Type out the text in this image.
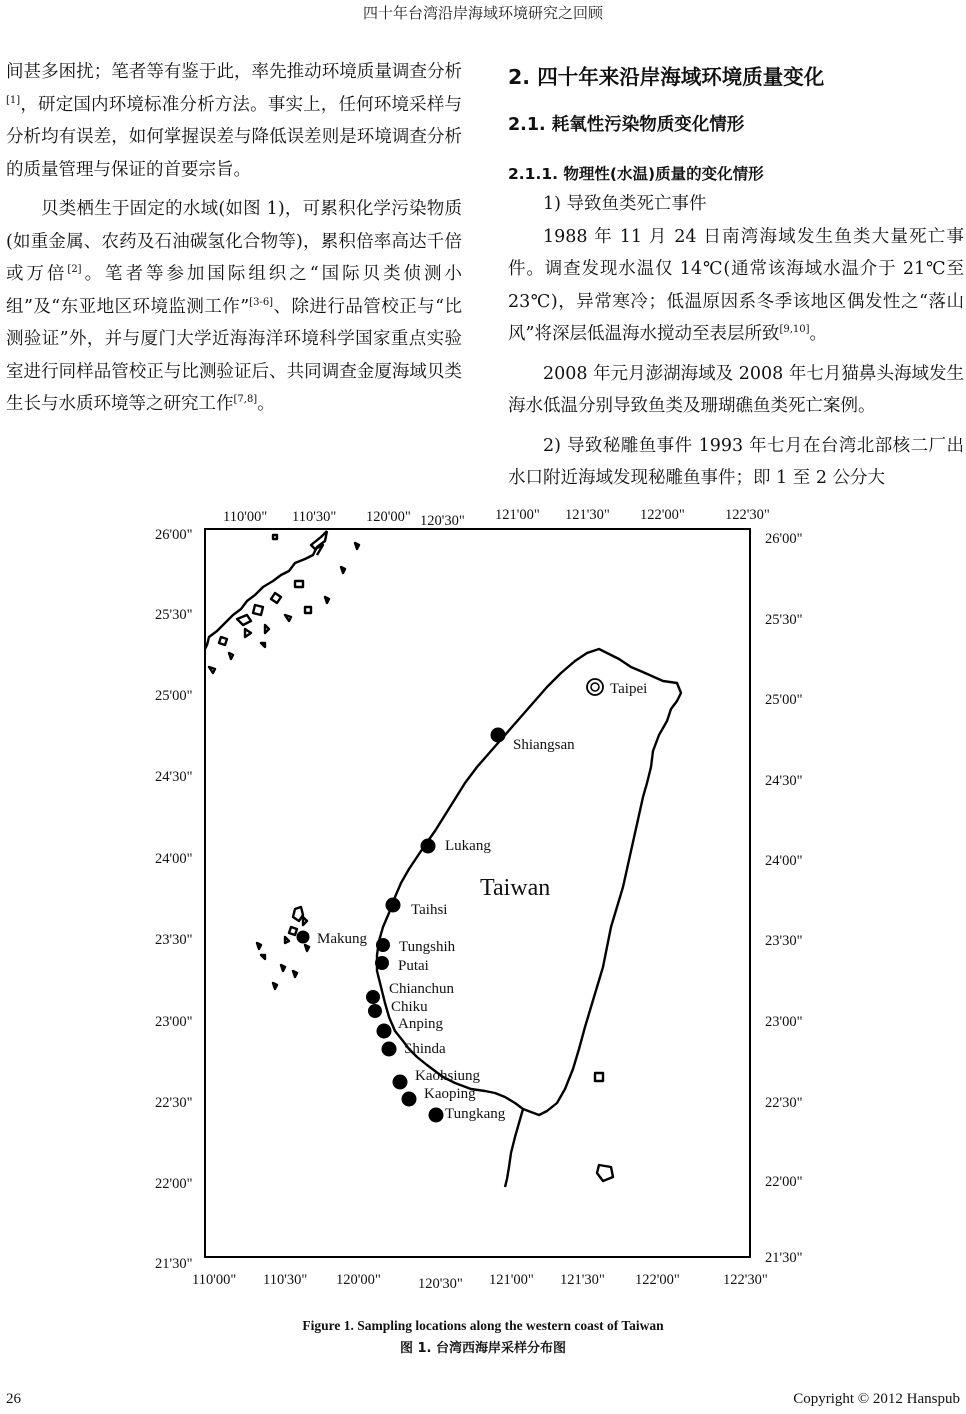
四十年台湾沿岸海域环境研究之回顾

间甚多困扰；笔者等有鉴于此，率先推动环境质量调查分析[1]，研定国内环境标准分析方法。事实上，任何环境采样与分析均有误差，如何掌握误差与降低误差则是环境调查分析的质量管理与保证的首要宗旨。

贝类栖生于固定的水域(如图 1)，可累积化学污染物质(如重金属、农药及石油碳氢化合物等)，累积倍率高达千倍或万倍[2]。笔者等参加国际组织之“国际贝类侦测小组”及“东亚地区环境监测工作”[3-6]、除进行品管校正与“比测验证”外，并与厦门大学近海海洋环境科学国家重点实验室进行同样品管校正与比测验证后、共同调查金厦海域贝类生长与水质环境等之研究工作[7,8]。

2. 四十年来沿岸海域环境质量变化
2.1. 耗氧性污染物质变化情形
2.1.1. 物理性(水温)质量的变化情形

1) 导致鱼类死亡事件

1988 年 11 月 24 日南湾海域发生鱼类大量死亡事件。调查发现水温仅 14℃(通常该海域水温介于 21℃至 23℃)，异常寒冷；低温原因系冬季该地区偶发性之“落山风”将深层低温海水搅动至表层所致[9,10]。

2008 年元月澎湖海域及 2008 年七月猫鼻头海域发生海水低温分别导致鱼类及珊瑚礁鱼类死亡案例。

2) 导致秘雕鱼事件 1993 年七月在台湾北部核二厂出水口附近海域发现秘雕鱼事件；即 1 至 2 公分大

110'00" 110'30" 120'00" 120'30" 121'00" 121'30" 122'00"	122'30"
110'00" 110'30" 120'00"	120'30" 121'00" 121'30" 122'00"	122'30"
26'00"
25'30"
25'00"
24'30"
24'00"
23'30"
23'00"
22'30"
22'00"
21'30"
26'00"
25'30"
25'00"
24'30"
24'00"
23'30"
23'00"
22'30"
22'00"
21'30"
Taipei
Taiwan
Shiangsan
Lukang
Taihsi
Makung Tungshih
Putai
Chianchun
Chiku
Anping
Shinda
Kaohsiung
Kaoping
Tungkang
Figure 1. Sampling locations along the western coast of Taiwan
图 1. 台湾西海岸采样分布图
26	Copyright © 2012 Hanspub
